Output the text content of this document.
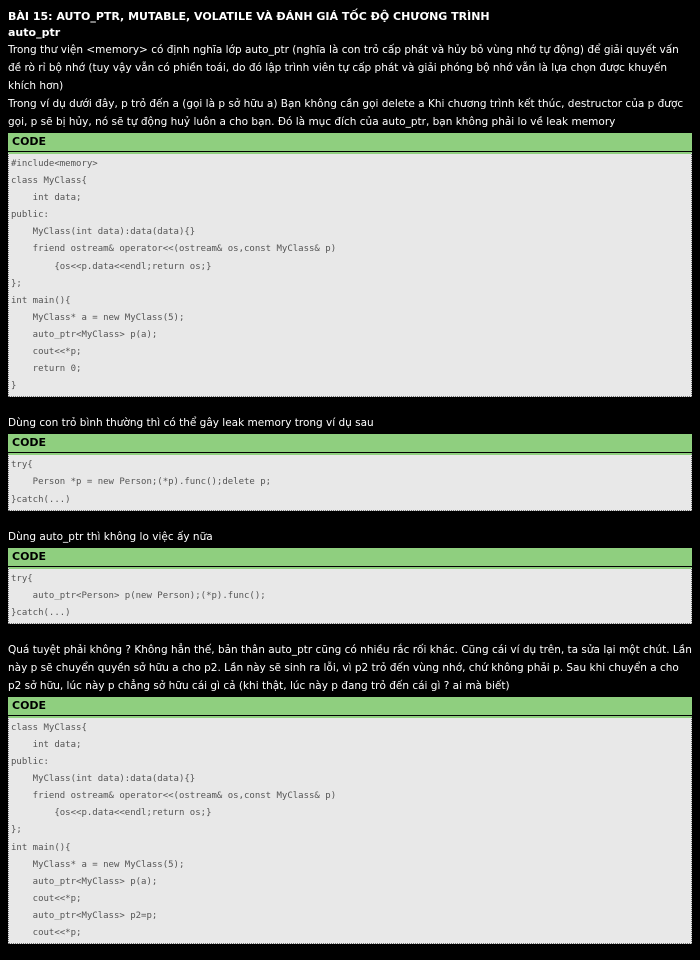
BÀI 15: AUTO_PTR, MUTABLE, VOLATILE VÀ ĐÁNH GIÁ TỐC ĐỘ CHƯƠNG TRÌNH
auto_ptr
Trong thư viện <memory> có định nghĩa lớp auto_ptr (nghĩa là con trỏ cấp phát và hủy bỏ vùng nhớ tự động) để giải quyết vấn đề rò rỉ bộ nhớ (tuy vậy vẫn có phiền toái, do đó lập trình viên tự cấp phát và giải phóng bộ nhớ vẫn là lựa chọn được khuyến khích hơn)
Trong ví dụ dưới đây, p trỏ đến a (gọi là p sở hữu a) Bạn không cần gọi delete a Khi chương trình kết thúc, destructor của p được gọi, p sẽ bị hủy, nó sẽ tự động huỷ luôn a cho bạn. Đó là mục đích của auto_ptr, bạn không phải lo về leak memory
CODE
#include<memory>
class MyClass{
int data;
public:
MyClass(int data):data(data){}
friend ostream& operator<<(ostream& os,const MyClass& p)
{os<<p.data<<endl;return os;}
};
int main(){
MyClass* a = new MyClass(5);
auto_ptr<MyClass> p(a);
cout<<*p;
return 0;
}
Dùng con trỏ bình thường thì có thể gây leak memory trong ví dụ sau
CODE
try{
Person *p = new Person;(*p).func();delete p;
}catch(...)
Dùng auto_ptr thì không lo việc ấy nữa
CODE
try{
auto_ptr<Person> p(new Person);(*p).func();
}catch(...)
Quá tuyệt phải không ? Không hẳn thế, bản thân auto_ptr cũng có nhiều rắc rối khác. Cũng cái ví dụ trên, ta sửa lại một chút. Lần này p sẽ chuyển quyền sở hữu a cho p2. Lần này sẽ sinh ra lỗi, vì p2 trỏ đến vùng nhớ, chứ không phải p. Sau khi chuyển a cho p2 sở hữu, lúc này p chẳng sở hữu cái gì cả (khi thật, lúc này p đang trỏ đến cái gì ? ai mà biết)
CODE
class MyClass{
int data;
public:
MyClass(int data):data(data){}
friend ostream& operator<<(ostream& os,const MyClass& p)
{os<<p.data<<endl;return os;}
};
int main(){
MyClass* a = new MyClass(5);
auto_ptr<MyClass> p(a);
cout<<*p;
auto_ptr<MyClass> p2=p;
cout<<*p;
